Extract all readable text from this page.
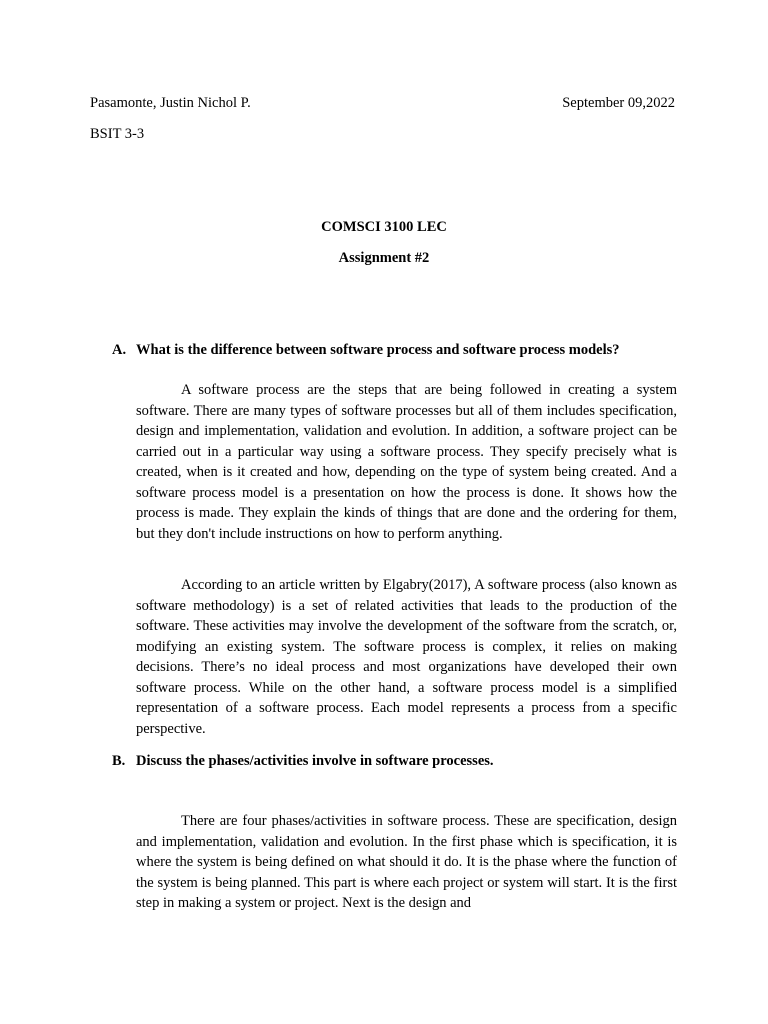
Pasamonte, Justin Nichol P.	September 09,2022
BSIT 3-3
COMSCI 3100 LEC
Assignment #2
A. What is the difference between software process and software process models?

A software process are the steps that are being followed in creating a system software. There are many types of software processes but all of them includes specification, design and implementation, validation and evolution. In addition, a software project can be carried out in a particular way using a software process. They specify precisely what is created, when is it created and how, depending on the type of system being created. And a software process model is a presentation on how the process is done. It shows how the process is made. They explain the kinds of things that are done and the ordering for them, but they don't include instructions on how to perform anything.

According to an article written by Elgabry(2017), A software process (also known as software methodology) is a set of related activities that leads to the production of the software. These activities may involve the development of the software from the scratch, or, modifying an existing system. The software process is complex, it relies on making decisions. There’s no ideal process and most organizations have developed their own software process. While on the other hand, a software process model is a simplified representation of a software process. Each model represents a process from a specific perspective.

B. Discuss the phases/activities involve in software processes.

There are four phases/activities in software process. These are specification, design and implementation, validation and evolution. In the first phase which is specification, it is where the system is being defined on what should it do. It is the phase where the function of the system is being planned. This part is where each project or system will start. It is the first step in making a system or project. Next is the design and
